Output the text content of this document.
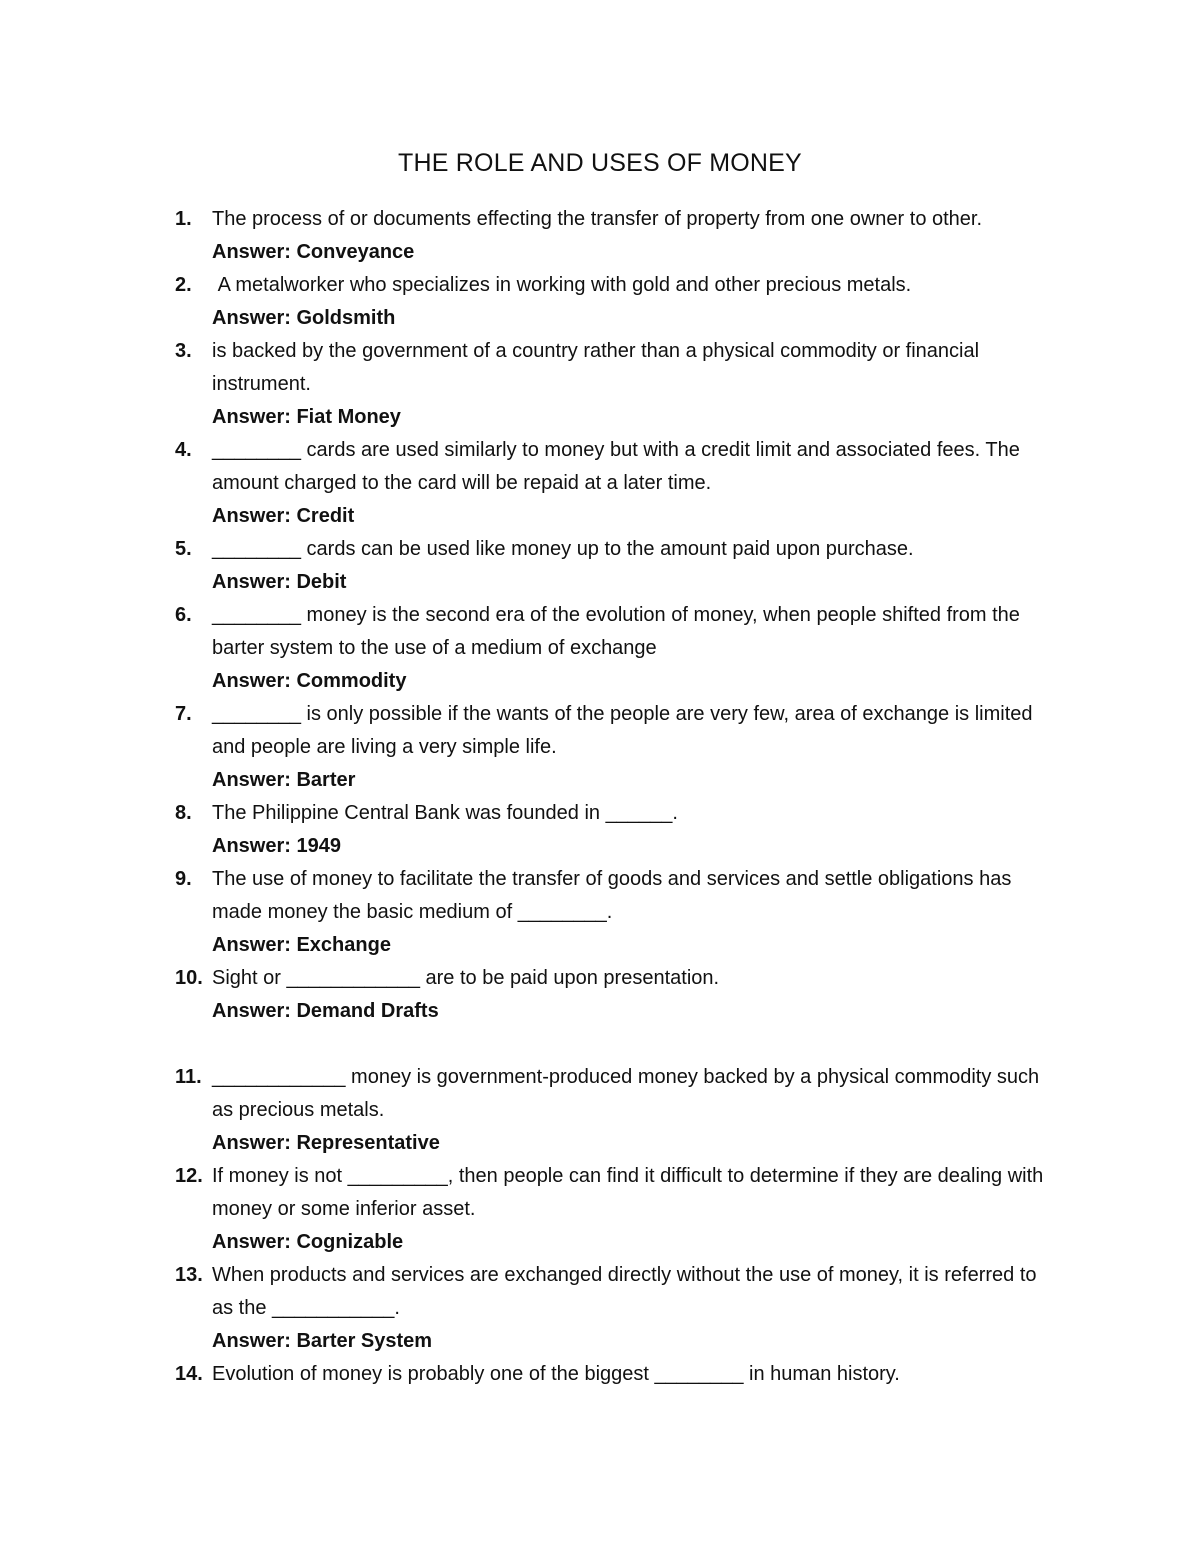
THE ROLE AND USES OF MONEY
1.	The process of or documents effecting the transfer of property from one owner to other.
Answer: Conveyance
2.	A metalworker who specializes in working with gold and other precious metals.
Answer: Goldsmith
3.	is backed by the government of a country rather than a physical commodity or financial instrument.
Answer: Fiat Money
4.	________ cards are used similarly to money but with a credit limit and associated fees. The amount charged to the card will be repaid at a later time.
Answer: Credit
5.	________ cards can be used like money up to the amount paid upon purchase.
Answer: Debit
6.	________ money is the second era of the evolution of money, when people shifted from the barter system to the use of a medium of exchange
Answer: Commodity
7.	________ is only possible if the wants of the people are very few, area of exchange is limited and people are living a very simple life.
Answer: Barter
8.	The Philippine Central Bank was founded in ______.
Answer: 1949
9.	The use of money to facilitate the transfer of goods and services and settle obligations has made money the basic medium of ________.
Answer: Exchange
10. Sight or ____________ are to be paid upon presentation.
Answer: Demand Drafts
11. ____________ money is government-produced money backed by a physical commodity such as precious metals.
Answer: Representative
12. If money is not _________, then people can find it difficult to determine if they are dealing with money or some inferior asset.
Answer: Cognizable
13. When products and services are exchanged directly without the use of money, it is referred to as the ___________.
Answer: Barter System
14. Evolution of money is probably one of the biggest ________ in human history.
